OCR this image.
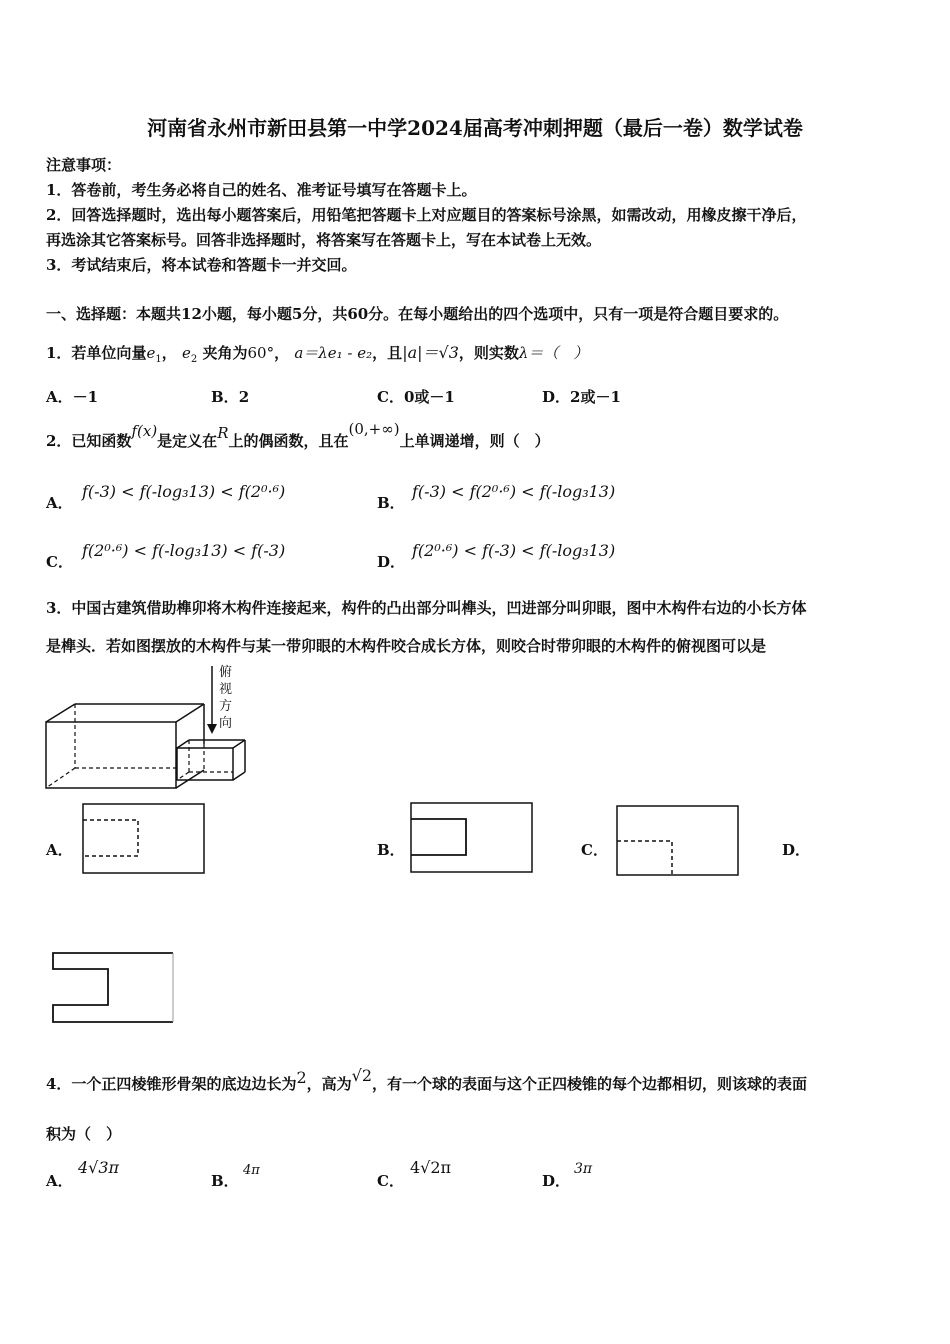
河南省永州市新田县第一中学2024届高考冲刺押题（最后一卷）数学试卷
注意事项：
1．答卷前，考生务必将自己的姓名、准考证号填写在答题卡上。
2．回答选择题时，选出每小题答案后，用铅笔把答题卡上对应题目的答案标号涂黑，如需改动，用橡皮擦干净后，
再选涂其它答案标号。回答非选择题时，将答案写在答题卡上，写在本试卷上无效。
3．考试结束后，将本试卷和答题卡一并交回。
一、选择题：本题共12小题，每小题5分，共60分。在每小题给出的四个选项中，只有一项是符合题目要求的。
1．若单位向量$e_1$， $e_2$ 夹角为60°， a＝λe₁ - e₂，且|a|＝√3，则实数λ＝（　）
A．－1	B．2	C．0或－1	D．2或－1
2．已知函数f(x)是定义在R上的偶函数，且在(0,+∞)上单调递增，则（　）
A．
f(-3) < f(-log₃13) < f(2⁰·⁶)
B．
f(-3) < f(2⁰·⁶) < f(-log₃13)
C．
f(2⁰·⁶) < f(-log₃13) < f(-3)
D．
f(2⁰·⁶) < f(-3) < f(-log₃13)
3．中国古建筑借助榫卯将木构件连接起来，构件的凸出部分叫榫头，凹进部分叫卯眼，图中木构件右边的小长方体
是榫头．若如图摆放的木构件与某一带卯眼的木构件咬合成长方体，则咬合时带卯眼的木构件的俯视图可以是
俯
视
方
向
A．	B．	C．	D．
4．一个正四棱锥形骨架的底边边长为2，高为√2，有一个球的表面与这个正四棱锥的每个边都相切，则该球的表面
积为（　）
A．
4√3π
B．
4π
C．
4√2π
D．
3π
